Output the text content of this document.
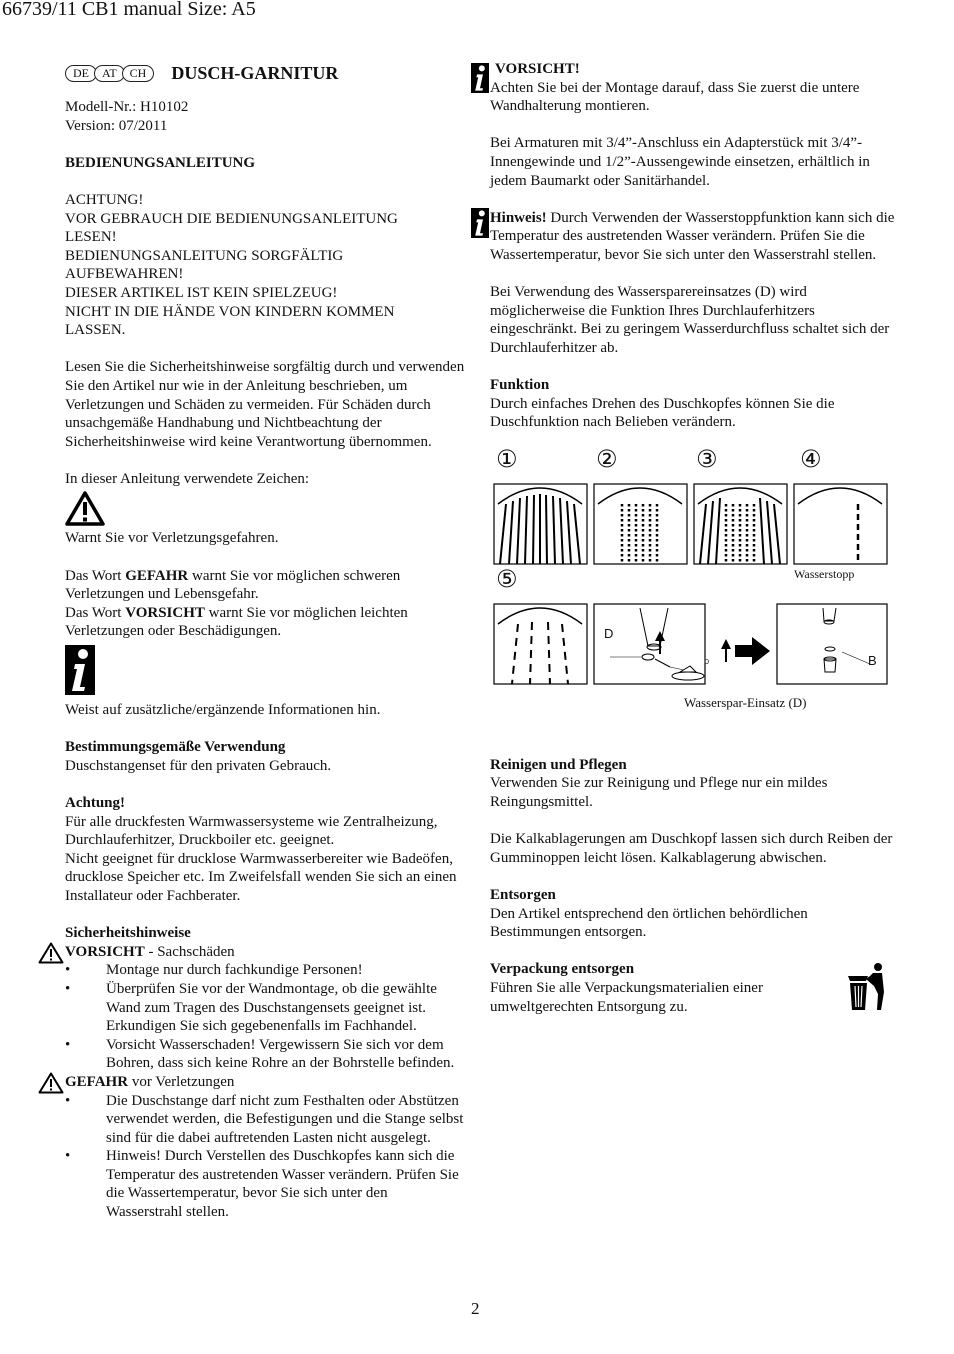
66739/11 CB1 manual Size: A5
DE	AT	CH	DUSCH-GARNITUR

Modell-Nr.: H10102

Version: 07/2011

BEDIENUNGSANLEITUNG

ACHTUNG!

VOR GEBRAUCH DIE BEDIENUNGSANLEITUNG

LESEN!

BEDIENUNGSANLEITUNG SORGFÄLTIG

AUFBEWAHREN!

DIESER ARTIKEL IST KEIN SPIELZEUG!

NICHT IN DIE HÄNDE VON KINDERN KOMMEN

LASSEN.

Lesen Sie die Sicherheitshinweise sorgfältig durch und verwenden Sie den Artikel nur wie in der Anleitung beschrieben, um Verletzungen und Schäden zu vermeiden. Für Schäden durch unsachgemäße Handhabung und Nichtbeachtung der Sicherheitshinweise wird keine Verantwortung übernommen.

In dieser Anleitung verwendete Zeichen:

Warnt Sie vor Verletzungsgefahren.

Das Wort GEFAHR warnt Sie vor möglichen schweren Verletzungen und Lebensgefahr.

Das Wort VORSICHT warnt Sie vor möglichen leichten Verletzungen oder Beschädigungen.

Weist auf zusätzliche/ergänzende Informationen hin.

Bestimmungsgemäße Verwendung

Duschstangenset für den privaten Gebrauch.

Achtung!

Für alle druckfesten Warmwassersysteme wie Zentralheizung, Durchlauferhitzer, Druckboiler etc. geeignet.

Nicht geeignet für drucklose Warmwasserbereiter wie Badeöfen, drucklose Speicher etc. Im Zweifelsfall wenden Sie sich an einen Installateur oder Fachberater.

Sicherheitshinweise

VORSICHT - Sachschäden

• Montage nur durch fachkundige Personen!
• Überprüfen Sie vor der Wandmontage, ob die gewählte Wand zum Tragen des Duschstangensets geeignet ist. Erkundigen Sie sich gegebenenfalls im Fachhandel.
• Vorsicht Wasserschaden! Vergewissern Sie sich vor dem Bohren, dass sich keine Rohre an der Bohrstelle befinden.

GEFAHR vor Verletzungen

• Die Duschstange darf nicht zum Festhalten oder Abstützen verwendet werden, die Befestigungen und die Stange selbst sind für die dabei auftretenden Lasten nicht ausgelegt.
• Hinweis! Durch Verstellen des Duschkopfes kann sich die Temperatur des austretenden Wasser verändern. Prüfen Sie die Wassertemperatur, bevor Sie sich unter den Wasserstrahl stellen.

VORSICHT!

Achten Sie bei der Montage darauf, dass Sie zuerst die untere Wandhalterung montieren.

Bei Armaturen mit 3/4”-Anschluss ein Adapterstück mit 3/4”-Innengewinde und 1/2”-Aussengewinde einsetzen, erhältlich in jedem Baumarkt oder Sanitärhandel.

Hinweis! Durch Verwenden der Wasserstoppfunktion kann sich die Temperatur des austretenden Wasser verändern. Prüfen Sie die Wassertemperatur, bevor Sie sich unter den Wasserstrahl stellen.

Bei Verwendung des Wassersparereinsatzes (D) wird möglicherweise die Funktion Ihres Durchlauferhitzers eingeschränkt. Bei zu geringem Wasserdurchfluss schaltet sich der Durchlauferhitzer ab.

Funktion

Durch einfaches Drehen des Duschkopfes können Sie die Duschfunktion nach Belieben verändern.

①	②	③	④
⑤	Wasserstopp
D
D	B
Wasserspar-Einsatz (D)

Reinigen und Pflegen

Verwenden Sie zur Reinigung und Pflege nur ein mildes Reingungsmittel.

Die Kalkablagerungen am Duschkopf lassen sich durch Reiben der Gumminoppen leicht lösen. Kalkablagerung abwischen.

Entsorgen

Den Artikel entsprechend den örtlichen behördlichen Bestimmungen entsorgen.

Verpackung entsorgen

Führen Sie alle Verpackungsmaterialien einer umweltgerechten Entsorgung zu.

2
